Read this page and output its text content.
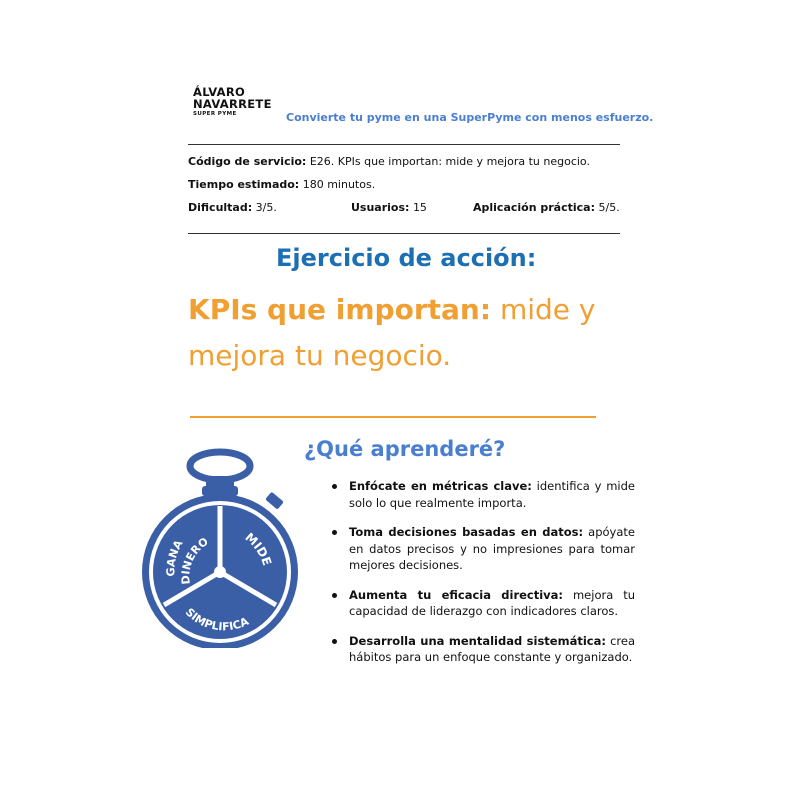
ÁLVARO
NAVARRETE
SUPER PYME	Convierte tu pyme en una SuperPyme con menos esfuerzo.
Código de servicio: E26. KPIs que importan: mide y mejora tu negocio.
Tiempo estimado: 180 minutos.
Dificultad: 3/5.	Usuarios: 15	Aplicación práctica: 5/5.
Ejercicio de acción:
KPIs que importan: mide y mejora tu negocio.
¿Qué aprenderé?
GANA
DINERO	MIDE
SIMPLIFICA
Enfócate en métricas clave: identifica y mide solo lo que realmente importa.
Toma decisiones basadas en datos: apóyate en datos precisos y no impresiones para tomar mejores decisiones.
Aumenta tu eficacia directiva: mejora tu capacidad de liderazgo con indicadores claros.
Desarrolla una mentalidad sistemática: crea hábitos para un enfoque constante y organizado.
